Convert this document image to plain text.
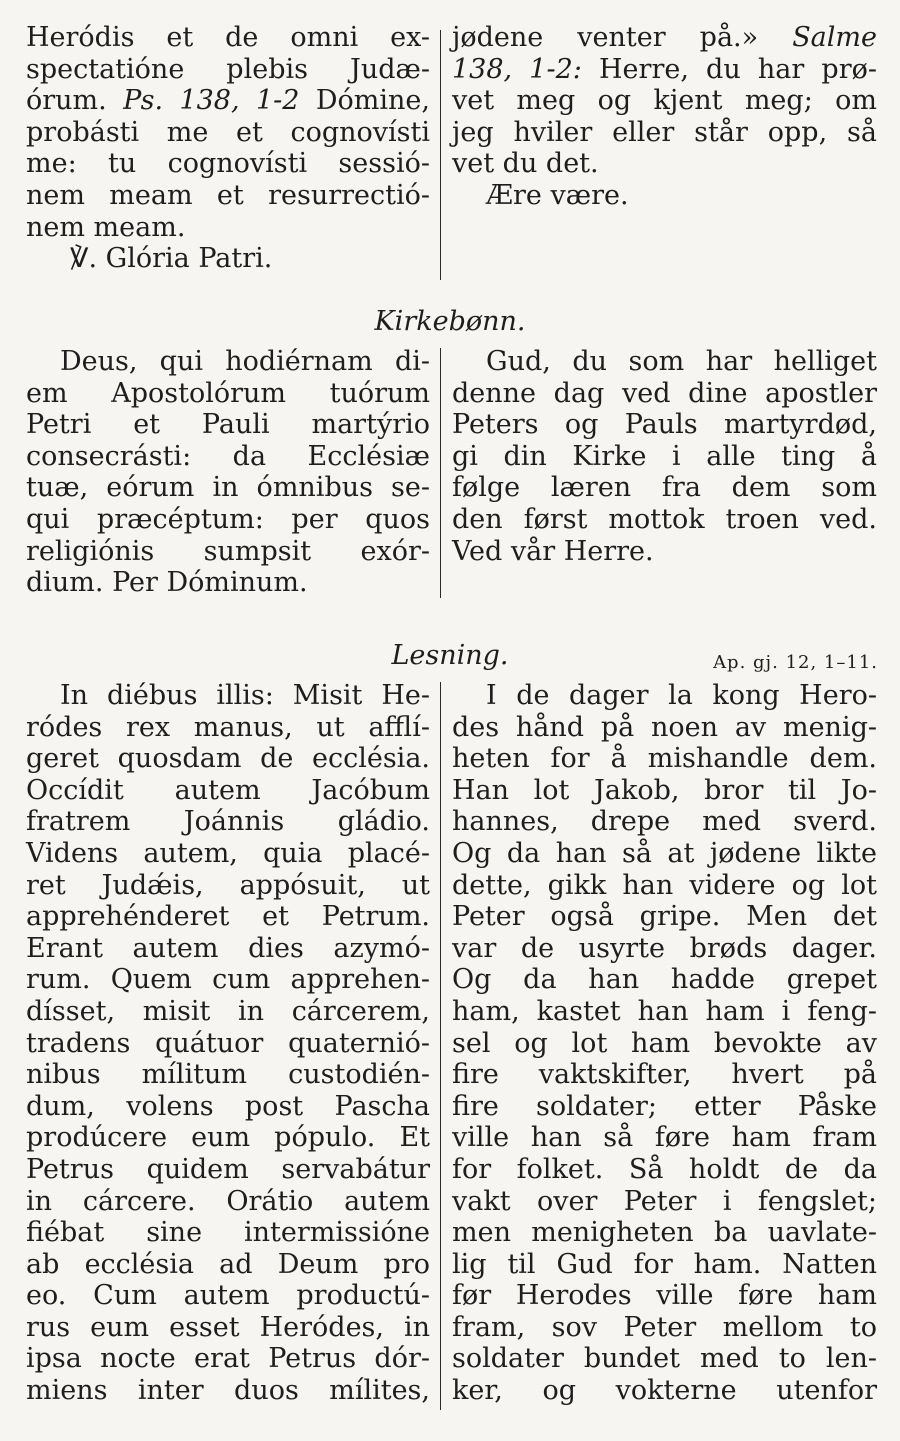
Heródis et de omni ex-
spectatióne plebis Judæ-
órum. Ps. 138, 1-2 Dómine,
probásti me et cognovísti
me: tu cognovísti sessió-
nem meam et resurrectió-
nem meam.
℣. Glória Patri.
jødene venter på.» Salme
138, 1-2: Herre, du har prø-
vet meg og kjent meg; om
jeg hviler eller står opp, så
vet du det.
Ære være.
Kirkebønn.
Deus, qui hodiérnam di-
em Apostolórum tuórum
Petri et Pauli martýrio
consecrásti: da Ecclésiæ
tuæ, eórum in ómnibus se-
qui præcéptum: per quos
religiónis sumpsit exór-
dium. Per Dóminum.
Gud, du som har helliget
denne dag ved dine apostler
Peters og Pauls martyrdød,
gi din Kirke i alle ting å
følge læren fra dem som
den først mottok troen ved.
Ved vår Herre.
Lesning.	Ap. gj. 12, 1–11.
In diébus illis: Misit He-
ródes rex manus, ut afflí-
geret quosdam de ecclésia.
Occídit autem Jacóbum
fratrem Joánnis gládio.
Videns autem, quia placé-
ret Judǽis, appósuit, ut
apprehénderet et Petrum.
Erant autem dies azymó-
rum. Quem cum apprehen-
dísset, misit in cárcerem,
tradens quátuor quaternió-
nibus mílitum custodién-
dum, volens post Pascha
prodúcere eum pópulo. Et
Petrus quidem servabátur
in cárcere. Orátio autem
fiébat sine intermissióne
ab ecclésia ad Deum pro
eo. Cum autem productú-
rus eum esset Heródes, in
ipsa nocte erat Petrus dór-
miens inter duos mílites,
I de dager la kong Hero-
des hånd på noen av menig-
heten for å mishandle dem.
Han lot Jakob, bror til Jo-
hannes, drepe med sverd.
Og da han så at jødene likte
dette, gikk han videre og lot
Peter også gripe. Men det
var de usyrte brøds dager.
Og da han hadde grepet
ham, kastet han ham i feng-
sel og lot ham bevokte av
fire vaktskifter, hvert på
fire soldater; etter Påske
ville han så føre ham fram
for folket. Så holdt de da
vakt over Peter i fengslet;
men menigheten ba uavlate-
lig til Gud for ham. Natten
før Herodes ville føre ham
fram, sov Peter mellom to
soldater bundet med to len-
ker, og vokterne utenfor
